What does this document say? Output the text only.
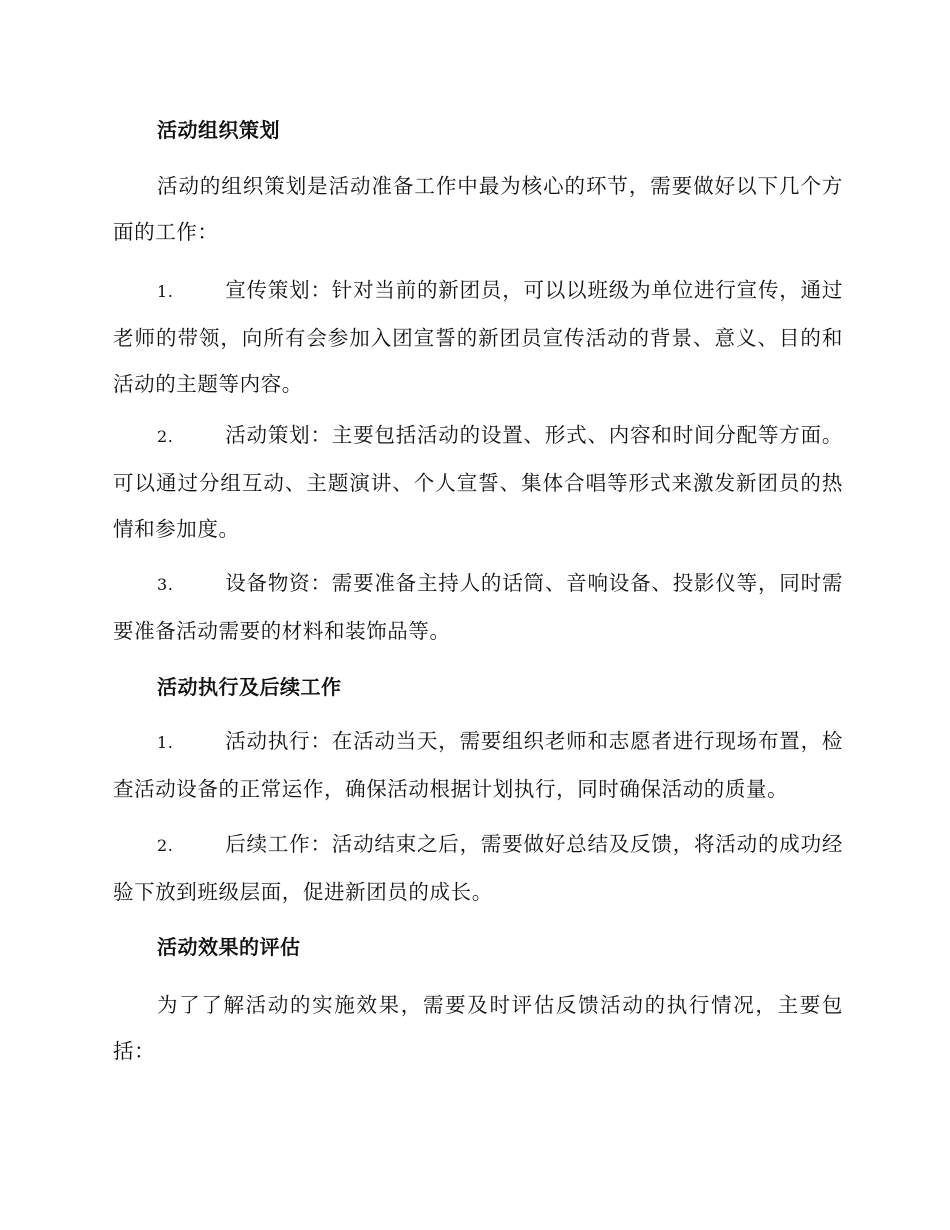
活动组织策划

活动的组织策划是活动准备工作中最为核心的环节，需要做好以下几个方面的工作：

1.	宣传策划：针对当前的新团员，可以以班级为单位进行宣传，通过老师的带领，向所有会参加入团宣誓的新团员宣传活动的背景、意义、目的和活动的主题等内容。

2.	活动策划：主要包括活动的设置、形式、内容和时间分配等方面。可以通过分组互动、主题演讲、个人宣誓、集体合唱等形式来激发新团员的热情和参加度。

3.	设备物资：需要准备主持人的话筒、音响设备、投影仪等，同时需要准备活动需要的材料和装饰品等。

活动执行及后续工作

1.	活动执行：在活动当天，需要组织老师和志愿者进行现场布置，检查活动设备的正常运作，确保活动根据计划执行，同时确保活动的质量。

2.	后续工作：活动结束之后，需要做好总结及反馈，将活动的成功经验下放到班级层面，促进新团员的成长。

活动效果的评估

为了了解活动的实施效果，需要及时评估反馈活动的执行情况，主要包括：
